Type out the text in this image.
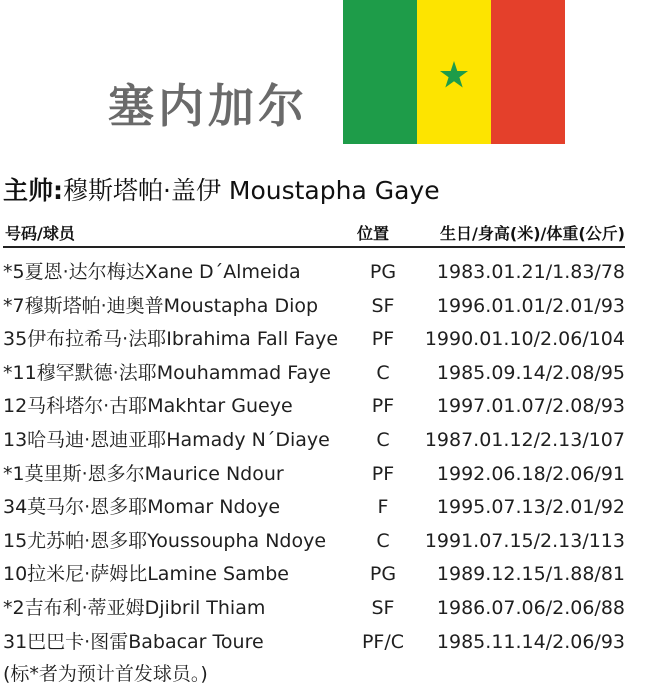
塞内加尔
主帅:穆斯塔帕·盖伊 Moustapha Gaye
号码/球员	位置	生日/身高(米)/体重(公斤)
*5夏恩·达尔梅达Xane D´Almeida	PG	1983.01.21/1.83/78
*7穆斯塔帕·迪奥普Moustapha Diop	SF	1996.01.01/2.01/93
35伊布拉希马·法耶Ibrahima Fall Faye	PF	1990.01.10/2.06/104
*11穆罕默德·法耶Mouhammad Faye	C	1985.09.14/2.08/95
12马科塔尔·古耶Makhtar Gueye	PF	1997.01.07/2.08/93
13哈马迪·恩迪亚耶Hamady N´Diaye	C	1987.01.12/2.13/107
*1莫里斯·恩多尔Maurice Ndour	PF	1992.06.18/2.06/91
34莫马尔·恩多耶Momar Ndoye	F	1995.07.13/2.01/92
15尤苏帕·恩多耶Youssoupha Ndoye	C	1991.07.15/2.13/113
10拉米尼·萨姆比Lamine Sambe	PG	1989.12.15/1.88/81
*2吉布利·蒂亚姆Djibril Thiam	SF	1986.07.06/2.06/88
31巴巴卡·图雷Babacar Toure	PF/C 1985.11.14/2.06/93
(标*者为预计首发球员。)
